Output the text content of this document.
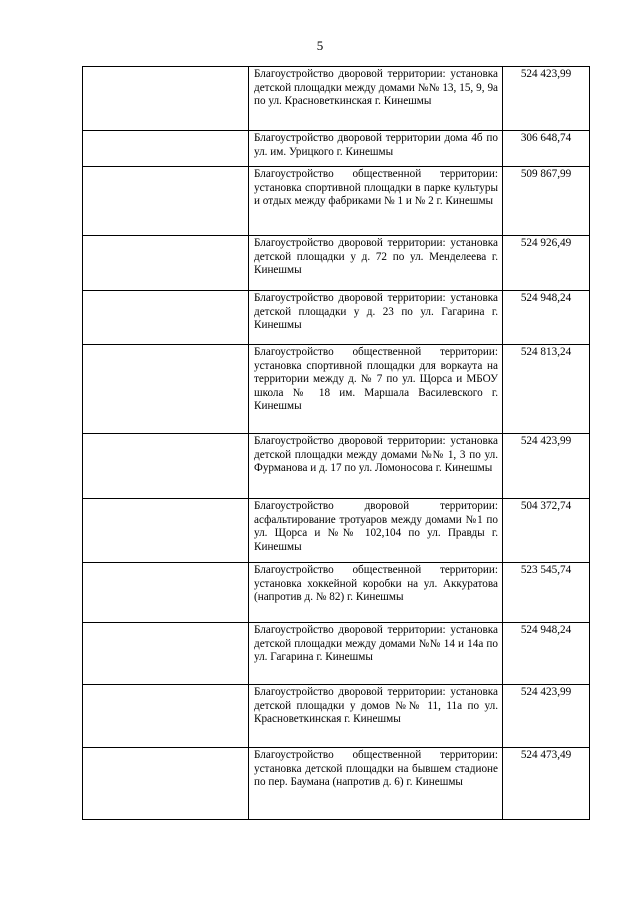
5

	Благоустройство дворовой территории: установка детской площадки между домами №№ 13, 15, 9, 9а по ул. Красноветкинская г. Кинешмы	524 423,99

	Благоустройство дворовой территории дома 4б по ул. им. Урицкого г. Кинешмы	306 648,74

	Благоустройство общественной территории: установка спортивной площадки в парке культуры и отдых между фабриками № 1 и № 2 г. Кинешмы	509 867,99

	Благоустройство дворовой территории: установка детской площадки у д. 72 по ул. Менделеева г. Кинешмы	524 926,49

	Благоустройство дворовой территории: установка детской площадки у д. 23 по ул. Гагарина г. Кинешмы	524 948,24

	Благоустройство общественной территории: установка спортивной площадки для воркаута на территории между д. № 7 по ул. Щорса и МБОУ школа № 18 им. Маршала Василевского г. Кинешмы	524 813,24

	Благоустройство дворовой территории: установка детской площадки между домами №№ 1, 3 по ул. Фурманова и д. 17 по ул. Ломоносова г. Кинешмы	524 423,99

	Благоустройство дворовой территории: асфальтирование тротуаров между домами №1 по ул. Щорса и №№ 102,104 по ул. Правды г. Кинешмы	504 372,74

	Благоустройство общественной территории: установка хоккейной коробки на ул. Аккуратова (напротив д. № 82) г. Кинешмы	523 545,74

	Благоустройство дворовой территории: установка детской площадки между домами №№ 14 и 14а по ул. Гагарина г. Кинешмы	524 948,24

	Благоустройство дворовой территории: установка детской площадки у домов №№ 11, 11а по ул. Красноветкинская г. Кинешмы	524 423,99

	Благоустройство общественной территории: установка детской площадки на бывшем стадионе по пер. Баумана (напротив д. 6) г. Кинешмы	524 473,49
